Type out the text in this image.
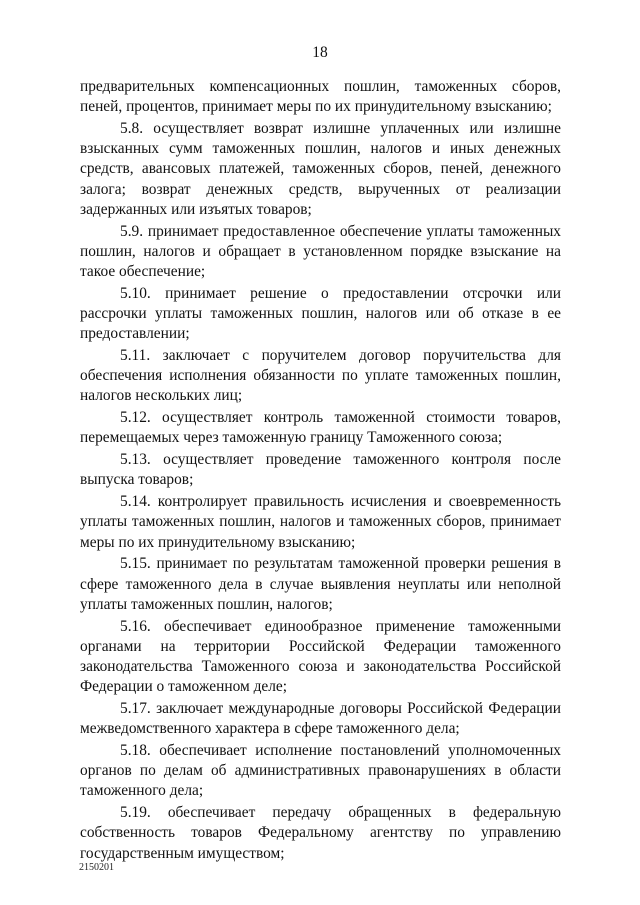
18

предварительных компенсационных пошлин, таможенных сборов, пеней, процентов, принимает меры по их принудительному взысканию;

5.8. осуществляет возврат излишне уплаченных или излишне взысканных сумм таможенных пошлин, налогов и иных денежных средств, авансовых платежей, таможенных сборов, пеней, денежного залога; возврат денежных средств, вырученных от реализации задержанных или изъятых товаров;

5.9. принимает предоставленное обеспечение уплаты таможенных пошлин, налогов и обращает в установленном порядке взыскание на такое обеспечение;

5.10. принимает решение о предоставлении отсрочки или рассрочки уплаты таможенных пошлин, налогов или об отказе в ее предоставлении;

5.11. заключает с поручителем договор поручительства для обеспечения исполнения обязанности по уплате таможенных пошлин, налогов нескольких лиц;

5.12. осуществляет контроль таможенной стоимости товаров, перемещаемых через таможенную границу Таможенного союза;

5.13. осуществляет проведение таможенного контроля после выпуска товаров;

5.14. контролирует правильность исчисления и своевременность уплаты таможенных пошлин, налогов и таможенных сборов, принимает меры по их принудительному взысканию;

5.15. принимает по результатам таможенной проверки решения в сфере таможенного дела в случае выявления неуплаты или неполной уплаты таможенных пошлин, налогов;

5.16. обеспечивает единообразное применение таможенными органами на территории Российской Федерации таможенного законодательства Таможенного союза и законодательства Российской Федерации о таможенном деле;

5.17. заключает международные договоры Российской Федерации межведомственного характера в сфере таможенного дела;

5.18. обеспечивает исполнение постановлений уполномоченных органов по делам об административных правонарушениях в области таможенного дела;

5.19. обеспечивает передачу обращенных в федеральную собственность товаров Федеральному агентству по управлению государственным имуществом;

2150201
